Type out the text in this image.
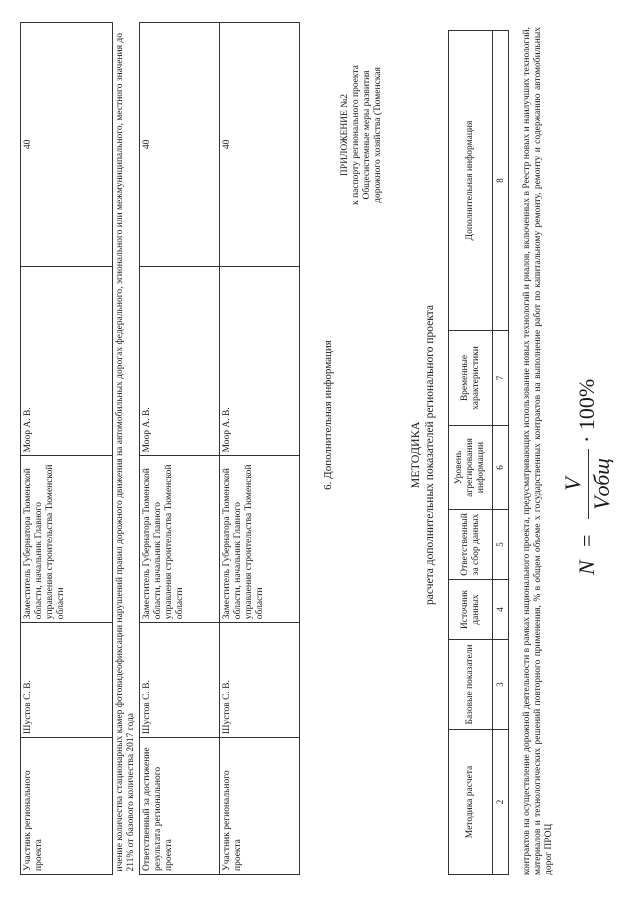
Участник регионального проекта	Шустов С. В.	Заместитель Губернатора Тюменской области, начальник Главного управления строительства Тюменской области	Моор А. В.	40
ичение количества стационарных камер фотовидеофиксации нарушений правил дорожного движения на автомобильных дорогах федерального, эгионального или межмуниципального, местного значения до 211% от базового количества 2017 года				
Ответственный за достижение результата регионального проекта	Шустов С. В.	Заместитель Губернатора Тюменской области, начальник Главного управления строительства Тюменской области	Моор А. В.	40
Участник регионального проекта	Шустов С. В.	Заместитель Губернатора Тюменской области, начальник Главного управления строительства Тюменской области	Моор А. В.	40
6. Дополнительная информация
ПРИЛОЖЕНИЕ №2 к паспорту регионального проекта Общесистемные меры развития дорожного хозяйства (Тюменская
МЕТОДИКА расчета дополнительных показателей регионального проекта
Методика расчета	Базовые показатели	Источник данных	Ответственный за сбор данных	Уровень агрегирования информации	Временные характеристики	Дополнительная информация
2	3	4	5	6	7	8 контрактов на осуществление дорожной деятельности в рамках национального проекта, предусматривающих использование новых технологий и риалов, включенных в Реестр новых и наилучших технологий, материалов и технологических решений повторного применения, % в общем объеме х государственных контрактов на выполнение работ по капитальному ремонту, ремонту и содержанию автомобильных дорог ПРОЦ
N
=
V Vобщ
· 100%
